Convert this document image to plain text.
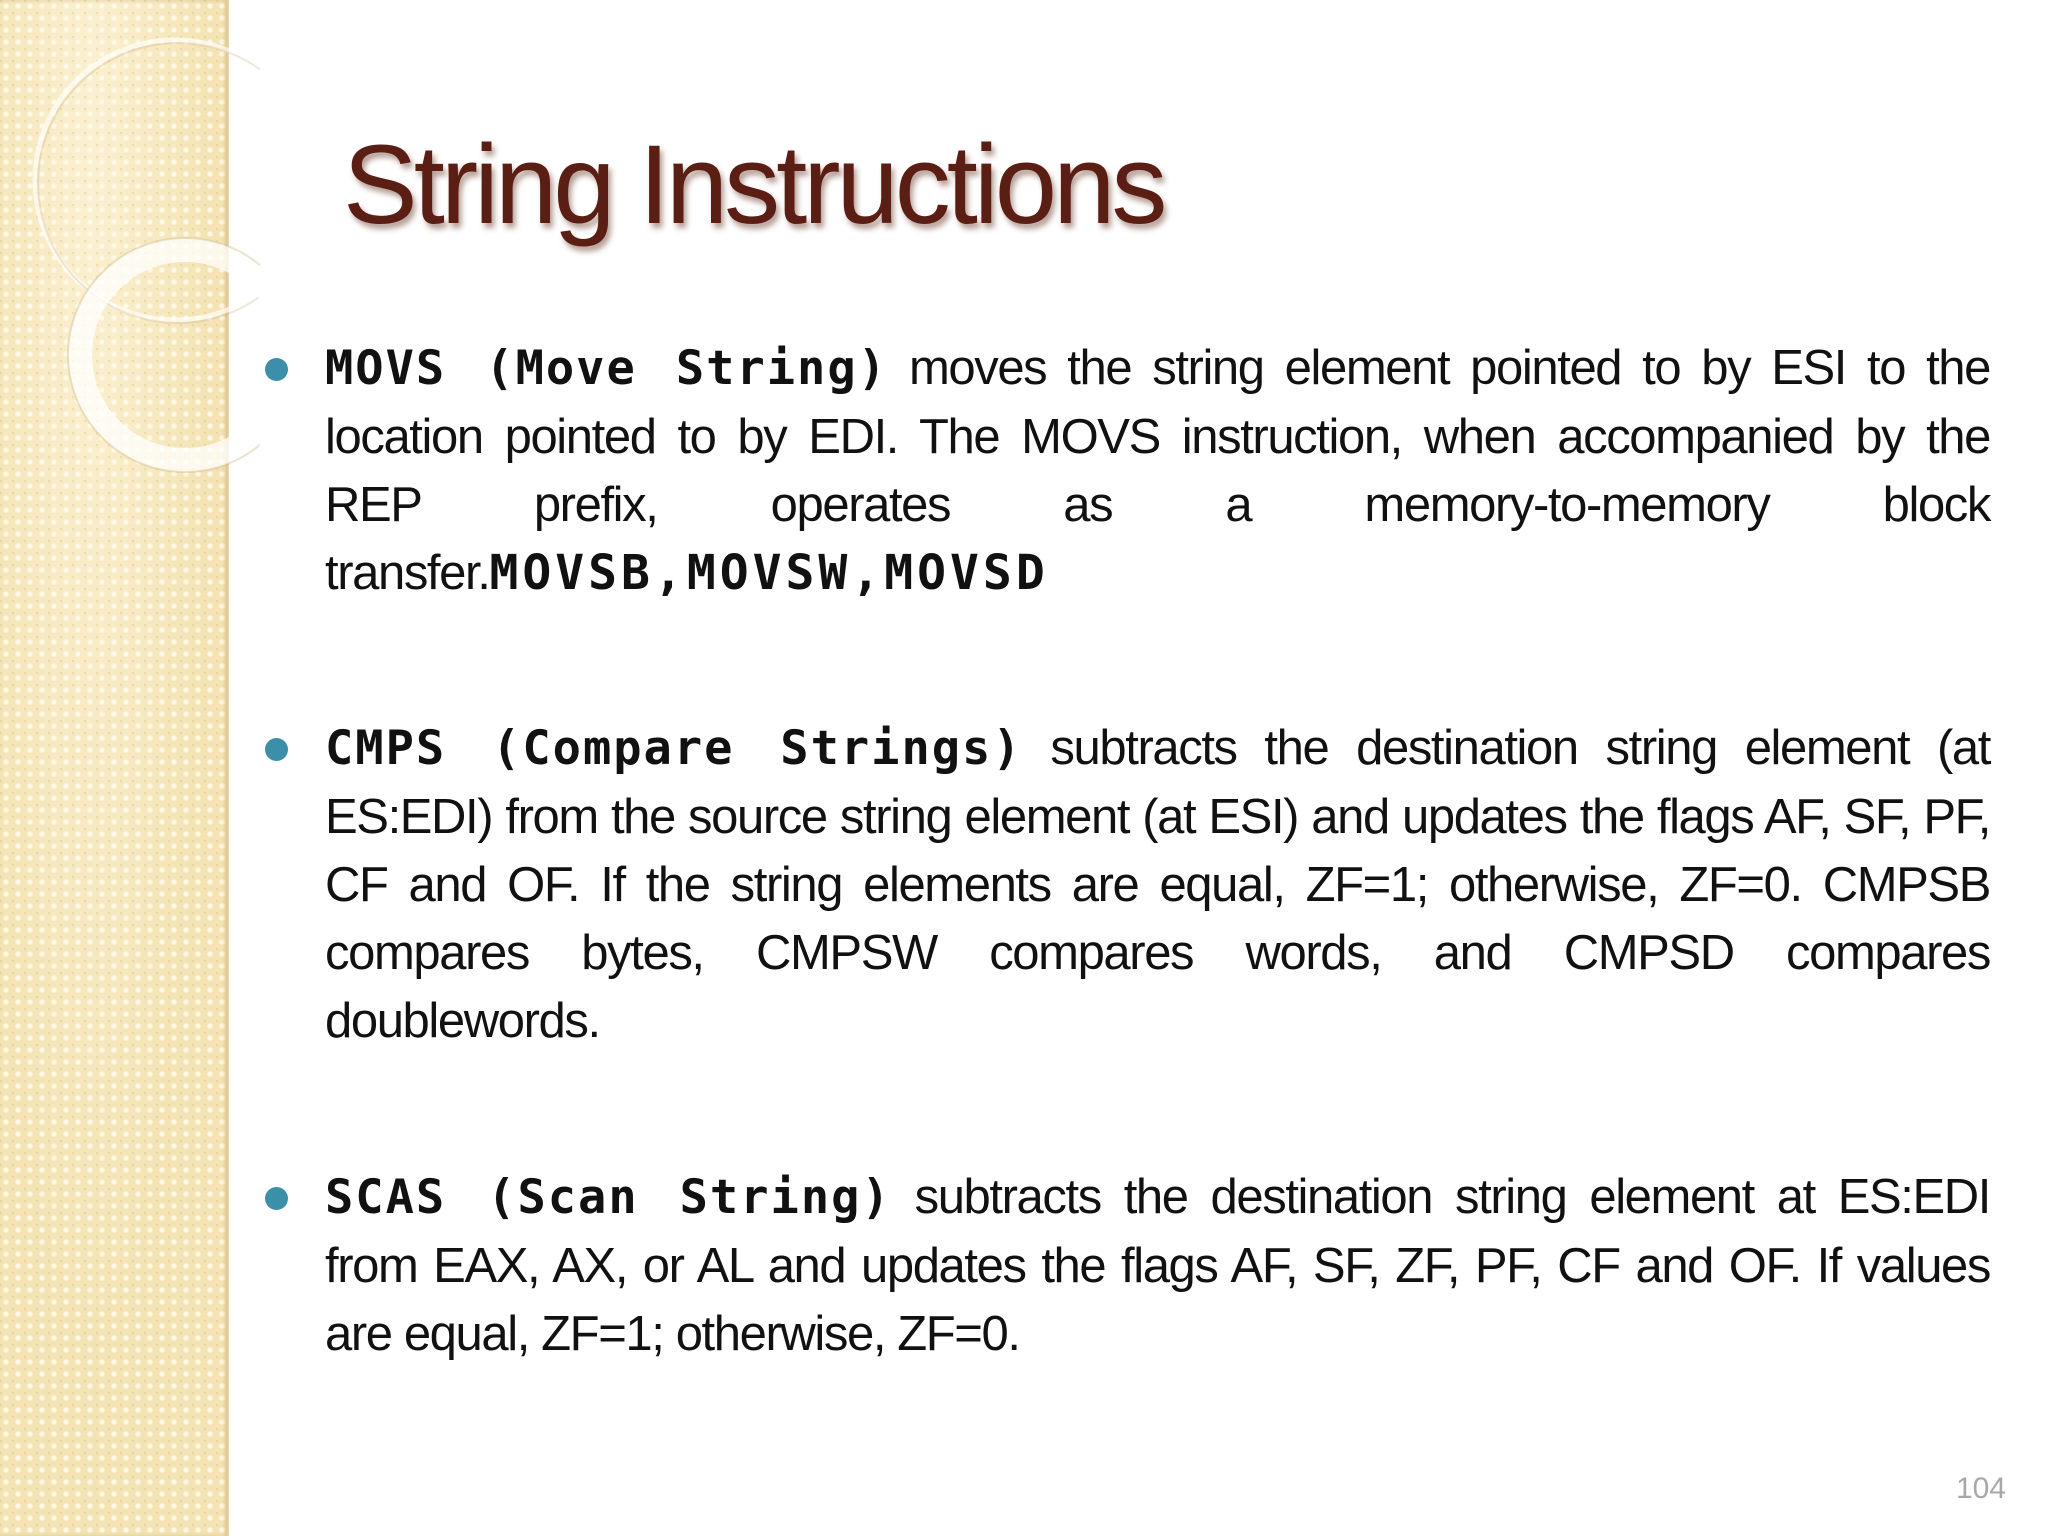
String Instructions
MOVS (Move String) moves the string element pointed to by ESI to the location pointed to by EDI. The MOVS instruction, when accompanied by the REP prefix, operates as a memory-to-memory block transfer.MOVSB,MOVSW,MOVSD
CMPS (Compare Strings) subtracts the destination string element (at ES:EDI) from the source string element (at ESI) and updates the flags AF, SF, PF, CF and OF. If the string elements are equal, ZF=1; otherwise, ZF=0. CMPSB compares bytes, CMPSW compares words, and CMPSD compares doublewords.
SCAS (Scan String) subtracts the destination string element at ES:EDI from EAX, AX, or AL and updates the flags AF, SF, ZF, PF, CF and OF. If values are equal, ZF=1; otherwise, ZF=0.
104
